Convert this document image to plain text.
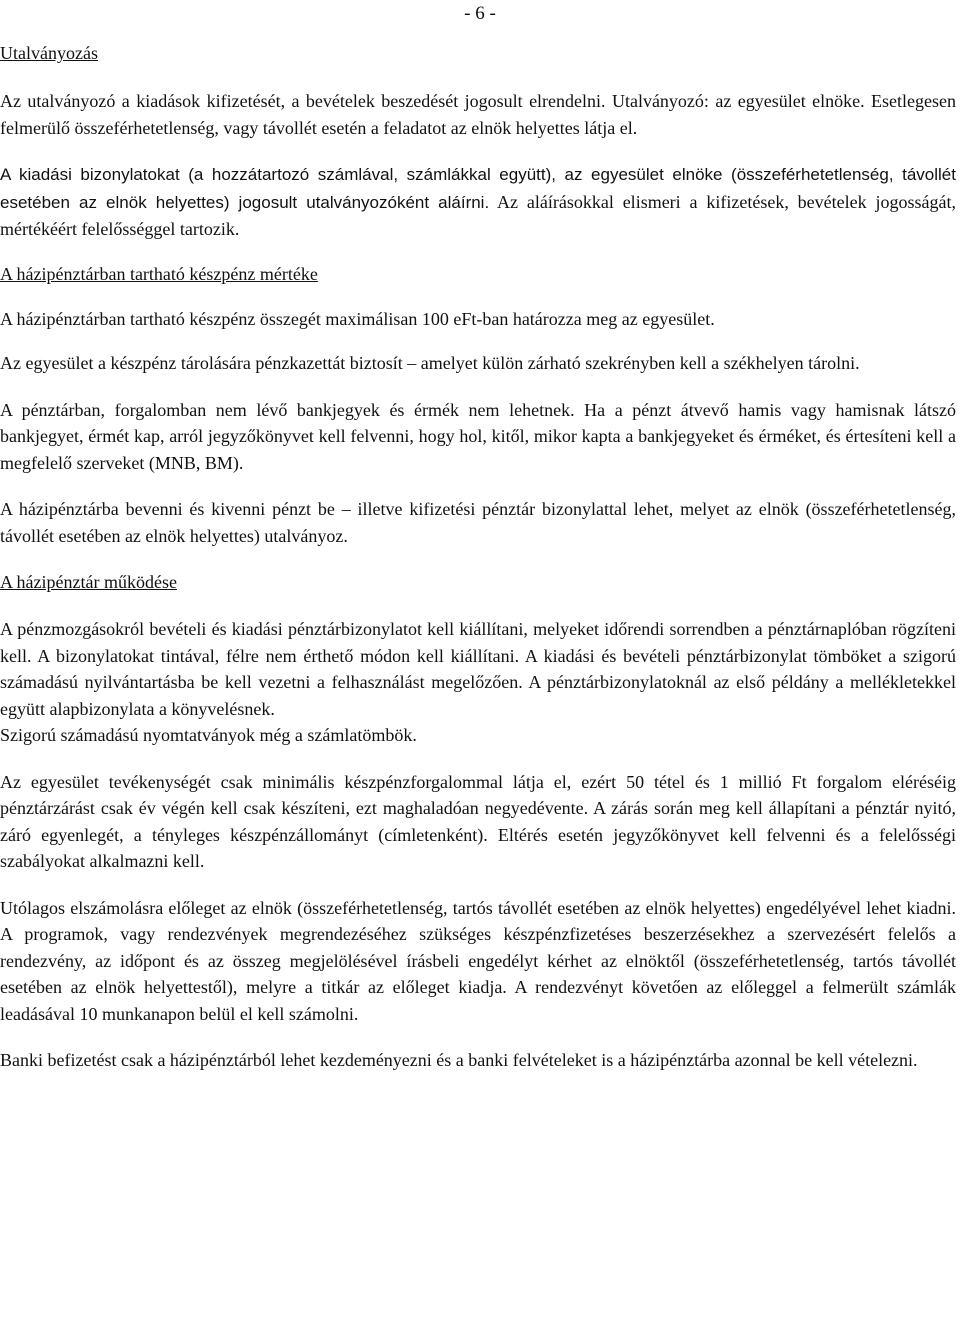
- 6 -

Utalványozás

Az utalványozó a kiadások kifizetését, a bevételek beszedését jogosult elrendelni. Utalványozó: az egyesület elnöke. Esetlegesen felmerülő összeférhetetlenség, vagy távollét esetén a feladatot az elnök helyettes látja el.

A kiadási bizonylatokat (a hozzátartozó számlával, számlákkal együtt), az egyesület elnöke (összeférhetetlenség, távollét esetében az elnök helyettes) jogosult utalványozóként aláírni. Az aláírásokkal elismeri a kifizetések, bevételek jogosságát, mértékéért felelősséggel tartozik.

A házipénztárban tartható készpénz mértéke

A házipénztárban tartható készpénz összegét maximálisan 100 eFt-ban határozza meg az egyesület.

Az egyesület a készpénz tárolására pénzkazettát biztosít – amelyet külön zárható szekrényben kell a székhelyen tárolni.

A pénztárban, forgalomban nem lévő bankjegyek és érmék nem lehetnek. Ha a pénzt átvevő hamis vagy hamisnak látszó bankjegyet, érmét kap, arról jegyzőkönyvet kell felvenni, hogy hol, kitől, mikor kapta a bankjegyeket és érméket, és értesíteni kell a megfelelő szerveket (MNB, BM).

A házipénztárba bevenni és kivenni pénzt be – illetve kifizetési pénztár bizonylattal lehet, melyet az elnök (összeférhetetlenség, távollét esetében az elnök helyettes) utalványoz.

A házipénztár működése

A pénzmozgásokról bevételi és kiadási pénztárbizonylatot kell kiállítani, melyeket időrendi sorrendben a pénztárnaplóban rögzíteni kell. A bizonylatokat tintával, félre nem érthető módon kell kiállítani. A kiadási és bevételi pénztárbizonylat tömböket a szigorú számadású nyilvántartásba be kell vezetni a felhasználást megelőzően. A pénztárbizonylatoknál az első példány a mellékletekkel együtt alapbizonylata a könyvelésnek.

Szigorú számadású nyomtatványok még a számlatömbök.

Az egyesület tevékenységét csak minimális készpénzforgalommal látja el, ezért 50 tétel és 1 millió Ft forgalom eléréséig pénztárzárást csak év végén kell csak készíteni, ezt maghaladóan negyedévente. A zárás során meg kell állapítani a pénztár nyitó, záró egyenlegét, a tényleges készpénzállományt (címletenként). Eltérés esetén jegyzőkönyvet kell felvenni és a felelősségi szabályokat alkalmazni kell.

Utólagos elszámolásra előleget az elnök (összeférhetetlenség, tartós távollét esetében az elnök helyettes) engedélyével lehet kiadni. A programok, vagy rendezvények megrendezéséhez szükséges készpénzfizetéses beszerzésekhez a szervezésért felelős a rendezvény, az időpont és az összeg megjelölésével írásbeli engedélyt kérhet az elnöktől (összeférhetetlenség, tartós távollét esetében az elnök helyettestől), melyre a titkár az előleget kiadja. A rendezvényt követően az előleggel a felmerült számlák leadásával 10 munkanapon belül el kell számolni.

Banki befizetést csak a házipénztárból lehet kezdeményezni és a banki felvételeket is a házipénztárba azonnal be kell vételezni.
